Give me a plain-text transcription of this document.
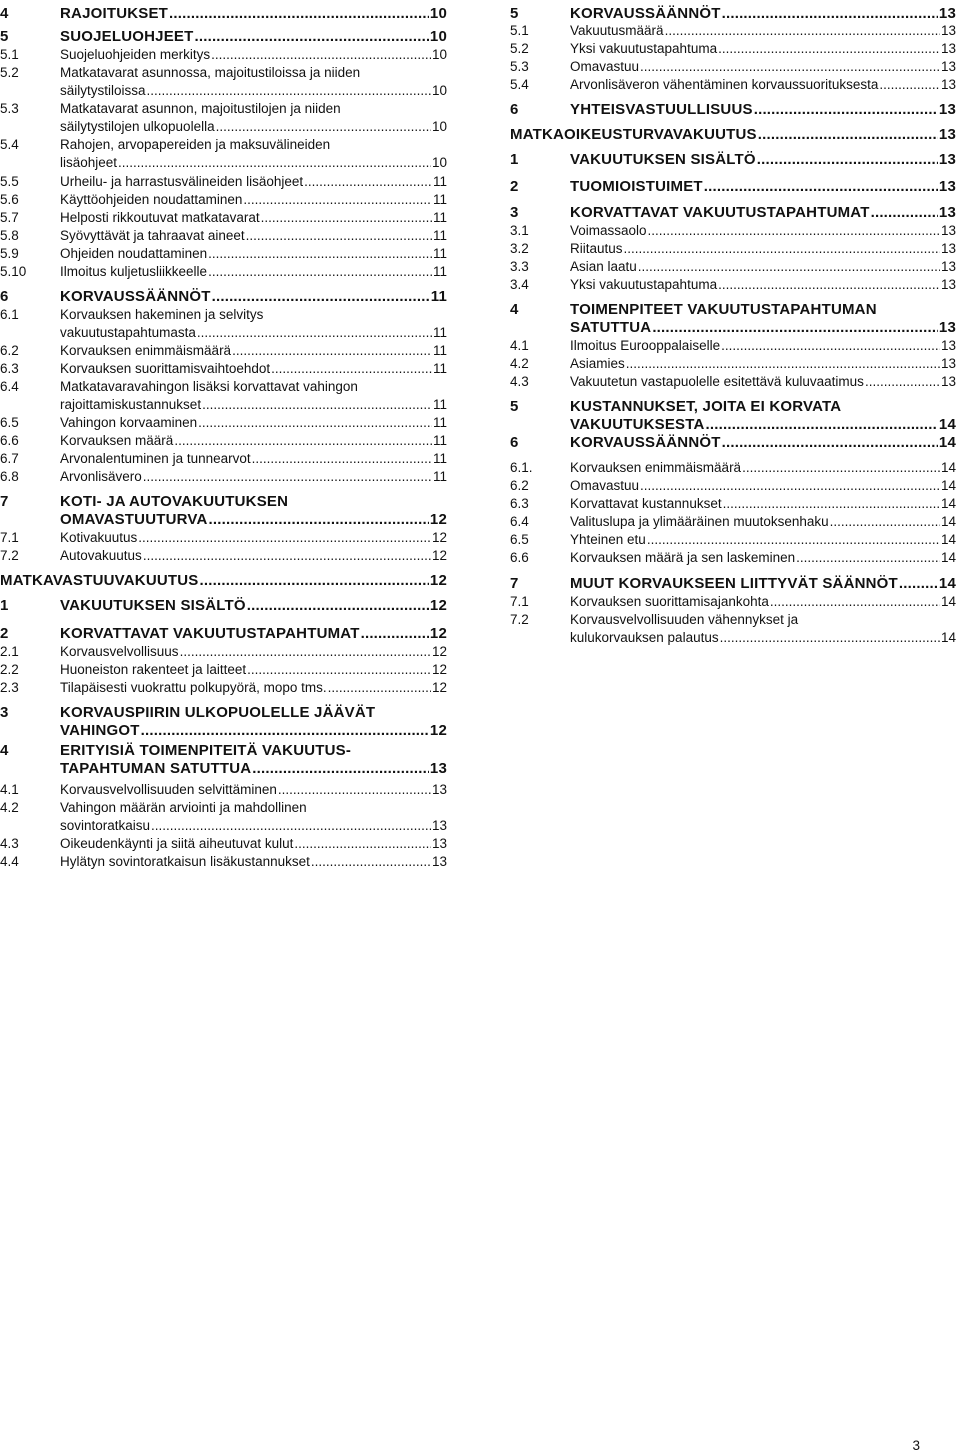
4	RAJOITUKSET .....	10
5	SUOJELUOHJEET .....	10
5.1	Suojeluohjeiden merkitys .....	10
5.2	Matkatavarat asunnossa, majoitustiloissa ja niiden
säilytystiloissa .....	10
5.3	Matkatavarat asunnon, majoitustilojen ja niiden
säilytystilojen ulkopuolella .....	10
5.4	Rahojen, arvopapereiden ja maksuvälineiden
lisäohjeet .....	10
5.5	Urheilu- ja harrastusvälineiden lisäohjeet .....	11
5.6	Käyttöohjeiden noudattaminen .....	11
5.7	Helposti rikkoutuvat matkatavarat .....	11
5.8	Syövyttävät ja tahraavat aineet .....	11
5.9	Ohjeiden noudattaminen .....	11
5.10 Ilmoitus kuljetusliikkeelle .....	11
6	KORVAUSSÄÄNNÖT .....	11
6.1	Korvauksen hakeminen ja selvitys
vakuutustapahtumasta .....	11
6.2	Korvauksen enimmäismäärä .....	11
6.3	Korvauksen suorittamisvaihtoehdot .....	11
6.4	Matkatavaravahingon lisäksi korvattavat vahingon
rajoittamiskustannukset .....	11
6.5	Vahingon korvaaminen .....	11
6.6	Korvauksen määrä .....	11
6.7	Arvonalentuminen ja tunnearvot .....	11
6.8	Arvonlisävero .....	11
7	KOTI- JA AUTOVAKUUTUKSEN
OMAVASTUUTURVA .....	12
7.1	Kotivakuutus .....	12
7.2	Autovakuutus .....	12
MATKAVASTUUVAKUUTUS .....	12
1	VAKUUTUKSEN SISÄLTÖ .....	12
2	KORVATTAVAT VAKUUTUSTAPAHTUMAT .....	12
2.1	Korvausvelvollisuus .....	12
2.2	Huoneiston rakenteet ja laitteet .....	12
2.3	Tilapäisesti vuokrattu polkupyörä, mopo tms. .....	12
3	KORVAUSPIIRIN ULKOPUOLELLE JÄÄVÄT
VAHINGOT .....	12
4	ERITYISIÄ TOIMENPITEITÄ VAKUUTUS-
TAPAHTUMAN SATUTTUA .....	13
4.1	Korvausvelvollisuuden selvittäminen .....	13
4.2	Vahingon määrän arviointi ja mahdollinen
sovintoratkaisu .....	13
4.3	Oikeudenkäynti ja siitä aiheutuvat kulut .....	13
4.4	Hylätyn sovintoratkaisun lisäkustannukset .....	13
5	KORVAUSSÄÄNNÖT .....	13
5.1	Vakuutusmäärä .....	13
5.2	Yksi vakuutustapahtuma .....	13
5.3	Omavastuu .....	13
5.4	Arvonlisäveron vähentäminen korvaussuorituksesta .....	13
6	YHTEISVASTUULLISUUS .....	13
MATKAOIKEUSTURVAVAKUUTUS .....	13
1	VAKUUTUKSEN SISÄLTÖ .....	13
2	TUOMIOISTUIMET .....	13
3	KORVATTAVAT VAKUUTUSTAPAHTUMAT .....	13
3.1	Voimassaolo .....	13
3.2	Riitautus .....	13
3.3	Asian laatu .....	13
3.4	Yksi vakuutustapahtuma .....	13
4	TOIMENPITEET VAKUUTUSTAPAHTUMAN
SATUTTUA .....	13
4.1	Ilmoitus Eurooppalaiselle .....	13
4.2	Asiamies .....	13
4.3	Vakuutetun vastapuolelle esitettävä kuluvaatimus .....	13
5	KUSTANNUKSET, JOITA EI KORVATA
VAKUUTUKSESTA .....	14
6	KORVAUSSÄÄNNÖT .....	14
6.1.	Korvauksen enimmäismäärä .....	14
6.2	Omavastuu .....	14
6.3	Korvattavat kustannukset .....	14
6.4	Valituslupa ja ylimääräinen muutoksenhaku .....	14
6.5	Yhteinen etu .....	14
6.6	Korvauksen määrä ja sen laskeminen .....	14
7	MUUT KORVAUKSEEN LIITTYVÄT SÄÄNNÖT .....	14
7.1	Korvauksen suorittamisajankohta .....	14
7.2	Korvausvelvollisuuden vähennykset ja
kulukorvauksen palautus .....	14
3
